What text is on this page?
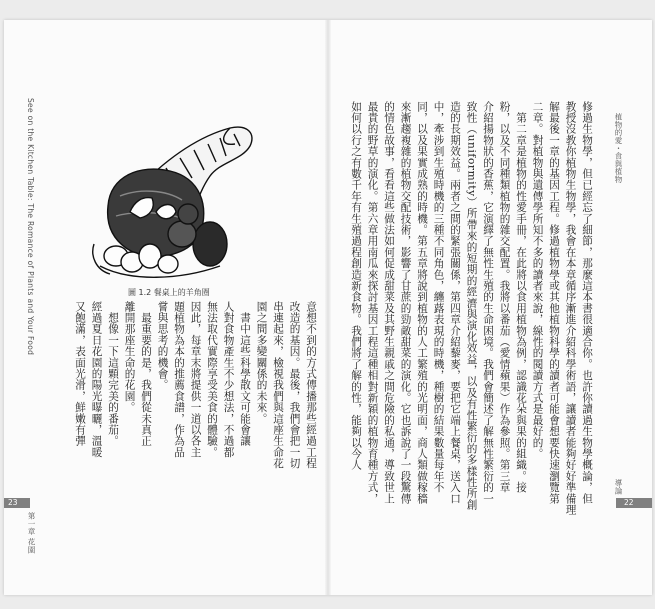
See on the Kitchen Table: The Romance of Plants and Your Food	圖 1.2 餐桌上的羊角圈
意想不到的方式傳播那些經過工程
改造的基因。最後，我們會把一切
串連起來，檢視我們與這座生命花
園之間多變關係的未來。
　書中這些科學散文可能會讓
人對食物產生不少想法，不過都
無法取代實際享受美食的體驗。
因此，每章末將提供一道以各主
題植物為本的推薦食譜，作為品
嘗與思考的機會。
　最重要的是，我們從未真正
離開那座生命的花園。
　想像一下這顆完美的番茄。
經過夏日花園的陽光曝曬，溫暖
又飽滿，表面光滑，鮮嫩有彈
第一章 花園
23	修過生物學，但已經忘了細節，那麼這本書很適合你。也許你讀過生物學概論，但
教授沒教你植物生物學，我會在本章循序漸進介紹科學術語，讓讀者能夠好好準備理
解最後一章的基因工程。修過植物學或其他植物科學的讀者可能會想要快速瀏覽第
二章。對植物與遺傳學所知不多的讀者來說，線性的閱讀方式是最好的。
　第二章是植物的性愛手冊，在此將以食用植物為例，認識花朵與果的組織。接
粉，以及不同種類植物的雜交配置。我將以番茄（愛情蘋果）作為參照。第三章
介紹揚物狀的香蕉，它演繹了無性生殖的生命困境。我們會簡述了解無性繁衍的一
致性（uniformity）所帶來的短期的經濟與演化效益，以及有性繁衍的多樣性所創
造的長期效益。兩者之間的緊張關係，第四章介紹藜麥，要把它端上餐桌，送入口
中，牽涉到生殖時機的三種不同角色，纏蕗表現的時機，種樹的結果數量每年不
同，以及果實成熟的時機。第五章將說到植物的人工繁殖的光明面，商人類做稼穡
來漸趨複雜的植物交配技術，影響了甘蔗的勁敵甜菜的演化。它也訴說了一段驚傳
的情色故事，看看這些做法如何促成甜菜及其野生親戚之間危險的私通，導致世上
最貴的野草的演化。第六章用南瓜來探討基因工程這種相對新穎的植物育種方式，
如何以行之有數千年有生殖過程創造新食物。我們將了解的性，能夠以今人	植物的愛・食與植物
導論
22
